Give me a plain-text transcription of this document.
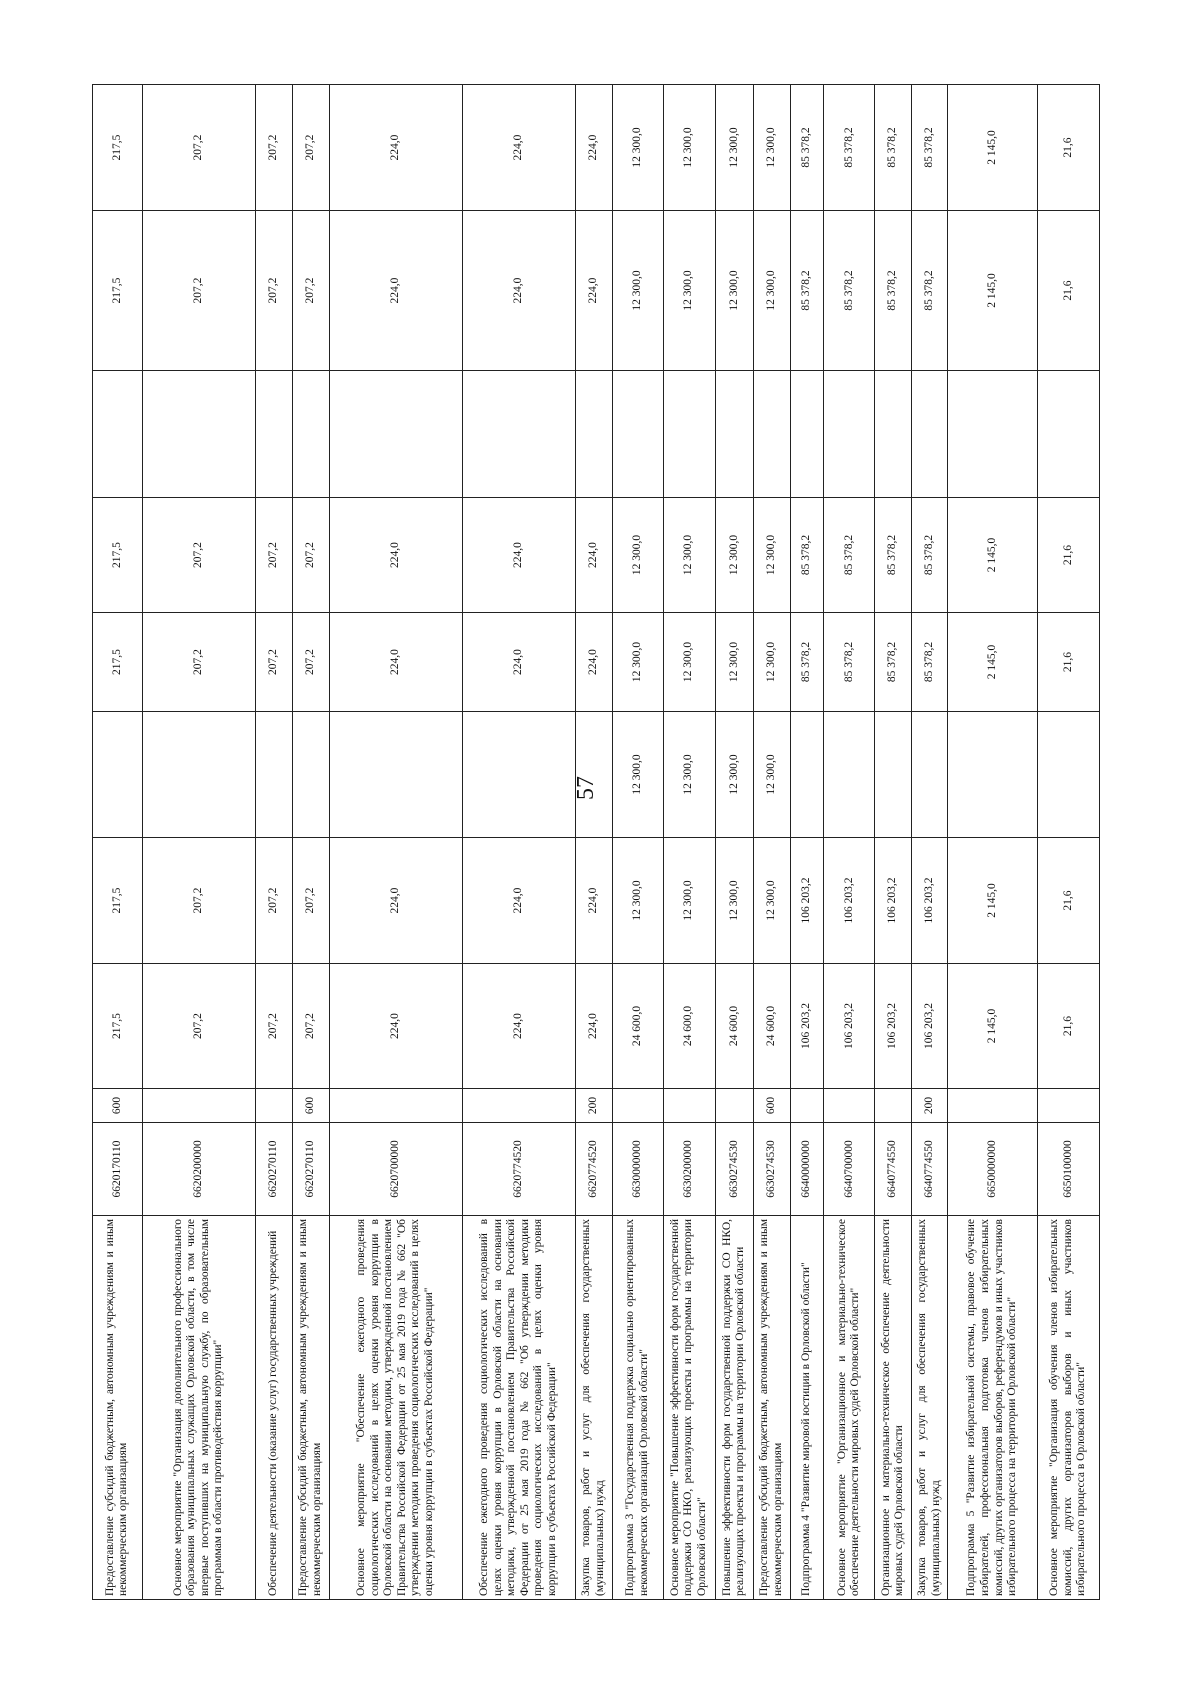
57
Предоставление субсидий бюджетным, автономным учреждениям и иным некоммерческим организациям	6620170110	600	217,5	217,5		217,5	217,5		217,5	217,5
Основное мероприятие "Организация дополнительного профессионального образования муниципальных служащих Орловской области, в том числе впервые поступивших на муниципальную службу, по образовательным программам в области противодействия коррупции"	6620200000		207,2	207,2		207,2	207,2		207,2	207,2
Обеспечение деятельности (оказание услуг) государственных учреждений	6620270110		207,2	207,2		207,2	207,2		207,2	207,2
Предоставление субсидий бюджетным, автономным учреждениям и иным некоммерческим организациям	6620270110	600	207,2	207,2		207,2	207,2		207,2	207,2
Основное мероприятие "Обеспечение ежегодного проведения социологических исследований в целях оценки уровня коррупции в Орловской области на основании методики, утвержденной постановлением Правительства Российской Федерации от 25 мая 2019 года № 662 "Об утверждении методики проведения социологических исследований в целях оценки уровня коррупции в субъектах Российской Федерации"	6620700000		224,0	224,0		224,0	224,0		224,0	224,0
Обеспечение ежегодного проведения социологических исследований в целях оценки уровня коррупции в Орловской области на основании методики, утвержденной постановлением Правительства Российской Федерации от 25 мая 2019 года № 662 "Об утверждении методики проведения социологических исследований в целях оценки уровня коррупции в субъектах Российской Федерации"	6620774520		224,0	224,0		224,0	224,0		224,0	224,0
Закупка товаров, работ и услуг для обеспечения государственных (муниципальных) нужд	6620774520	200	224,0	224,0		224,0	224,0		224,0	224,0
Подпрограмма 3 "Государственная поддержка социально ориентированных некоммерческих организаций Орловской области"	6630000000		24 600,0	12 300,0	12 300,0	12 300,0	12 300,0		12 300,0	12 300,0
Основное мероприятие "Повышение эффективности форм государственной поддержки СО НКО, реализующих проекты и программы на территории Орловской области"	6630200000		24 600,0	12 300,0	12 300,0	12 300,0	12 300,0		12 300,0	12 300,0
Повышение эффективности форм государственной поддержки СО НКО, реализующих проекты и программы на территории Орловской области	6630274530		24 600,0	12 300,0	12 300,0	12 300,0	12 300,0		12 300,0	12 300,0
Предоставление субсидий бюджетным, автономным учреждениям и иным некоммерческим организациям	6630274530	600	24 600,0	12 300,0	12 300,0	12 300,0	12 300,0		12 300,0	12 300,0
Подпрограмма 4 "Развитие мировой юстиции в Орловской области"	6640000000		106 203,2	106 203,2		85 378,2	85 378,2		85 378,2	85 378,2
Основное мероприятие "Организационное и материально-техническое обеспечение деятельности мировых судей Орловской области"	6640700000		106 203,2	106 203,2		85 378,2	85 378,2		85 378,2	85 378,2
Организационное и материально-техническое обеспечение деятельности мировых судей Орловской области	6640774550		106 203,2	106 203,2		85 378,2	85 378,2		85 378,2	85 378,2
Закупка товаров, работ и услуг для обеспечения государственных (муниципальных) нужд	6640774550	200	106 203,2	106 203,2		85 378,2	85 378,2		85 378,2	85 378,2
Подпрограмма 5 "Развитие избирательной системы, правовое обучение избирателей, профессиональная подготовка членов избирательных комиссий, других организаторов выборов, референдумов и иных участников избирательного процесса на территории Орловской области"	6650000000		2 145,0	2 145,0		2 145,0	2 145,0		2 145,0	2 145,0
Основное мероприятие "Организация обучения членов избирательных комиссий, других организаторов выборов и иных участников избирательного процесса в Орловской области"	6650100000		21,6	21,6		21,6	21,6		21,6	21,6
